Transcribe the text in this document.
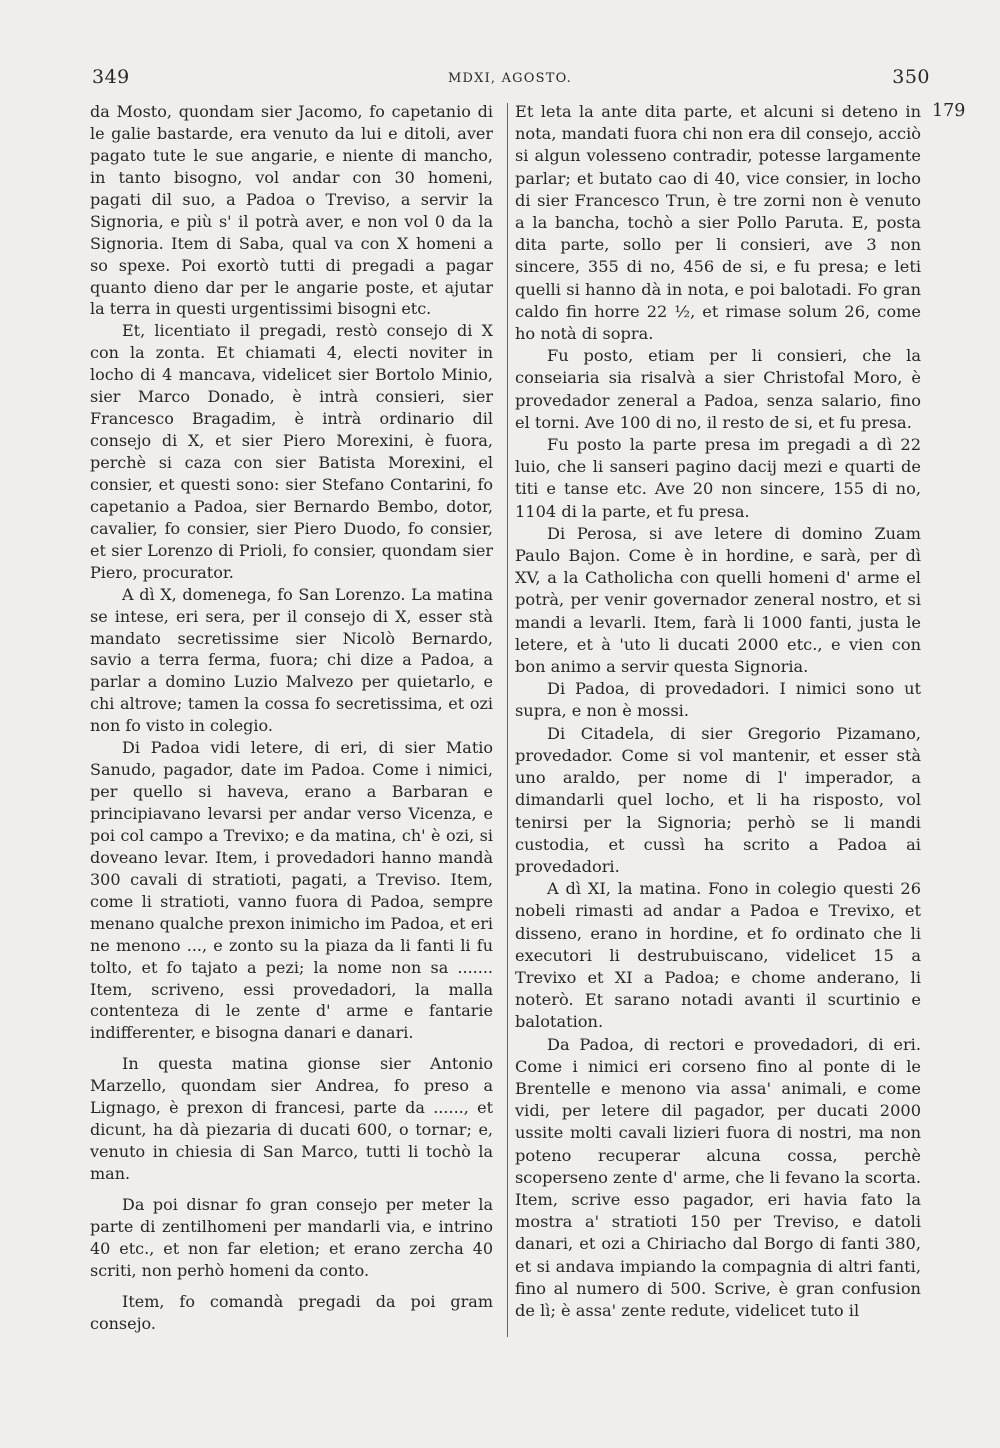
349	MDXI, AGOSTO.	350
179

da Mosto, quondam sier Jacomo, fo capetanio di le galie bastarde, era venuto da lui e ditoli, aver pagato tute le sue angarie, e niente di mancho, in tanto bisogno, vol andar con 30 homeni, pagati dil suo, a Padoa o Treviso, a servir la Signoria, e più s' il potrà aver, e non vol 0 da la Signoria. Item di Saba, qual va con X homeni a so spexe. Poi exortò tutti di pregadi a pagar quanto dieno dar per le angarie poste, et ajutar la terra in questi urgentissimi bisogni etc.

Et, licentiato il pregadi, restò consejo di X con la zonta. Et chiamati 4, electi noviter in locho di 4 mancava, videlicet sier Bortolo Minio, sier Marco Donado, è intrà consieri, sier Francesco Bragadim, è intrà ordinario dil consejo di X, et sier Piero Morexini, è fuora, perchè si caza con sier Batista Morexini, el consier, et questi sono: sier Stefano Contarini, fo capetanio a Padoa, sier Bernardo Bembo, dotor, cavalier, fo consier, sier Piero Duodo, fo consier, et sier Lorenzo di Prioli, fo consier, quondam sier Piero, procurator.

A dì X, domenega, fo San Lorenzo. La matina se intese, eri sera, per il consejo di X, esser stà mandato secretissime sier Nicolò Bernardo, savio a terra ferma, fuora; chi dize a Padoa, a parlar a domino Luzio Malvezo per quietarlo, e chi altrove; tamen la cossa fo secretissima, et ozi non fo visto in colegio.

Di Padoa vidi letere, di eri, di sier Matio Sanudo, pagador, date im Padoa. Come i nimici, per quello si haveva, erano a Barbaran e principiavano levarsi per andar verso Vicenza, e poi col campo a Trevixo; e da matina, ch' è ozi, si doveano levar. Item, i provedadori hanno mandà 300 cavali di stratioti, pagati, a Treviso. Item, come li stratioti, vanno fuora di Padoa, sempre menano qualche prexon inimicho im Padoa, et eri ne menono ..., e zonto su la piaza da li fanti li fu tolto, et fo tajato a pezi; la nome non sa ....... Item, scriveno, essi provedadori, la malla contenteza di le zente d' arme e fantarie indifferenter, e bisogna danari e danari.

In questa matina gionse sier Antonio Marzello, quondam sier Andrea, fo preso a Lignago, è prexon di francesi, parte da ......, et dicunt, ha dà piezaria di ducati 600, o tornar; e, venuto in chiesia di San Marco, tutti li tochò la man.

Da poi disnar fo gran consejo per meter la parte di zentilhomeni per mandarli via, e intrino 40 etc., et non far eletion; et erano zercha 40 scriti, non perhò homeni da conto.

Item, fo comandà pregadi da poi gram consejo.

Et leta la ante dita parte, et alcuni si deteno in nota, mandati fuora chi non era dil consejo, acciò si algun volesseno contradir, potesse largamente parlar; et butato cao di 40, vice consier, in locho di sier Francesco Trun, è tre zorni non è venuto a la bancha, tochò a sier Pollo Paruta. E, posta dita parte, sollo per li consieri, ave 3 non sincere, 355 di no, 456 de si, e fu presa; e leti quelli si hanno dà in nota, e poi balotadi. Fo gran caldo fin horre 22 ½, et rimase solum 26, come ho notà di sopra.

Fu posto, etiam per li consieri, che la conseiaria sia risalvà a sier Christofal Moro, è provedador zeneral a Padoa, senza salario, fino el torni. Ave 100 di no, il resto de si, et fu presa.

Fu posto la parte presa im pregadi a dì 22 luio, che li sanseri pagino dacij mezi e quarti de titi e tanse etc. Ave 20 non sincere, 155 di no, 1104 di la parte, et fu presa.

Di Perosa, si ave letere di domino Zuam Paulo Bajon. Come è in hordine, e sarà, per dì XV, a la Catholicha con quelli homeni d' arme el potrà, per venir governador zeneral nostro, et si mandi a levarli. Item, farà li 1000 fanti, justa le letere, et à 'uto li ducati 2000 etc., e vien con bon animo a servir questa Signoria.

Di Padoa, di provedadori. I nimici sono ut supra, e non è mossi.

Di Citadela, di sier Gregorio Pizamano, provedador. Come si vol mantenir, et esser stà uno araldo, per nome di l' imperador, a dimandarli quel locho, et li ha risposto, vol tenirsi per la Signoria; perhò se li mandi custodia, et cussì ha scrito a Padoa ai provedadori.

A dì XI, la matina. Fono in colegio questi 26 nobeli rimasti ad andar a Padoa e Trevixo, et disseno, erano in hordine, et fo ordinato che li executori li destrubuiscano, videlicet 15 a Trevixo et XI a Padoa; e chome anderano, li noterò. Et sarano notadi avanti il scurtinio e balotation.

Da Padoa, di rectori e provedadori, di eri. Come i nimici eri corseno fino al ponte di le Brentelle e menono via assa' animali, e come vidi, per letere dil pagador, per ducati 2000 ussite molti cavali lizieri fuora di nostri, ma non poteno recuperar alcuna cossa, perchè scoperseno zente d' arme, che li fevano la scorta. Item, scrive esso pagador, eri havia fato la mostra a' stratioti 150 per Treviso, e datoli danari, et ozi a Chiriacho dal Borgo di fanti 380, et si andava impiando la compagnia di altri fanti, fino al numero di 500. Scrive, è gran confusion de lì; è assa' zente redute, videlicet tuto il
